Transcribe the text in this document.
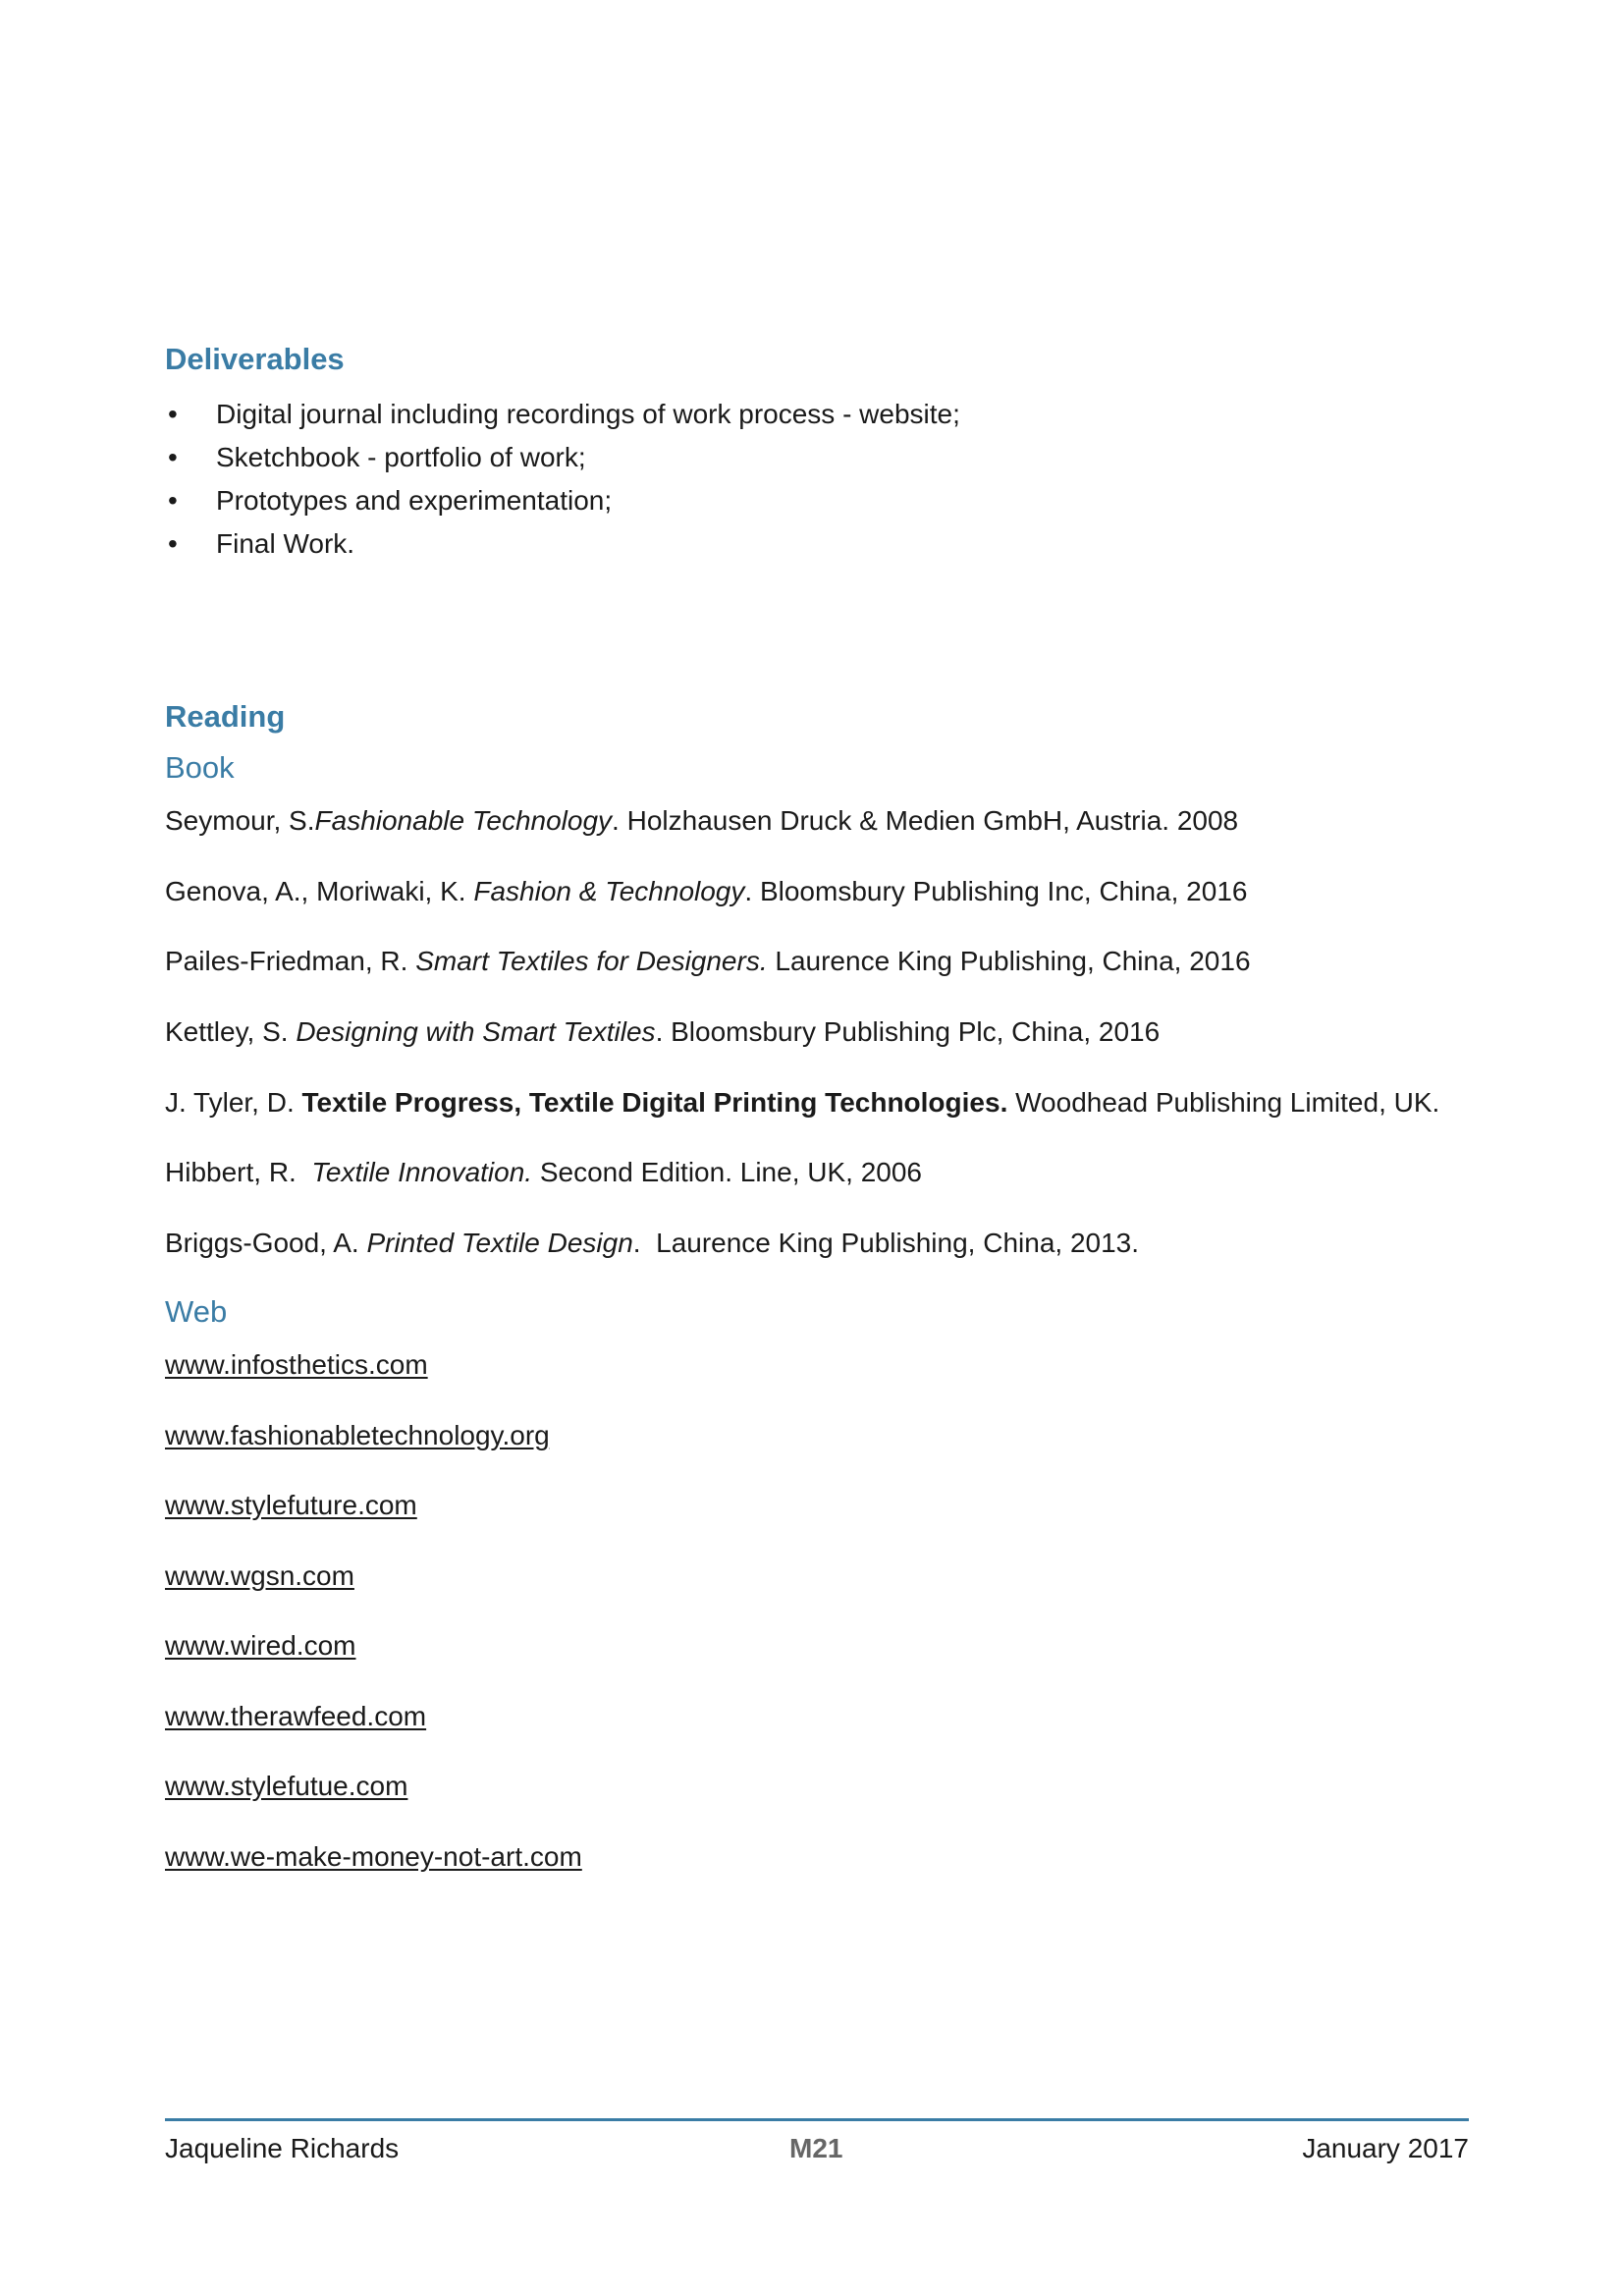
Deliverables
• Digital journal including recordings of work process - website;
• Sketchbook - portfolio of work;
• Prototypes and experimentation;
• Final Work.
Reading
Book
Seymour, S.Fashionable Technology. Holzhausen Druck & Medien GmbH, Austria. 2008
Genova, A., Moriwaki, K. Fashion & Technology. Bloomsbury Publishing Inc, China, 2016
Pailes-Friedman, R. Smart Textiles for Designers. Laurence King Publishing, China, 2016
Kettley, S. Designing with Smart Textiles. Bloomsbury Publishing Plc, China, 2016
J. Tyler, D. Textile Progress, Textile Digital Printing Technologies. Woodhead Publishing Limited, UK.
Hibbert, R.  Textile Innovation. Second Edition. Line, UK, 2006
Briggs-Good, A. Printed Textile Design.  Laurence King Publishing, China, 2013.
Web
www.infosthetics.com
www.fashionabletechnology.org
www.stylefuture.com
www.wgsn.com
www.wired.com
www.therawfeed.com
www.stylefutue.com
www.we-make-money-not-art.com
Jaqueline Richards	M21	January 2017
